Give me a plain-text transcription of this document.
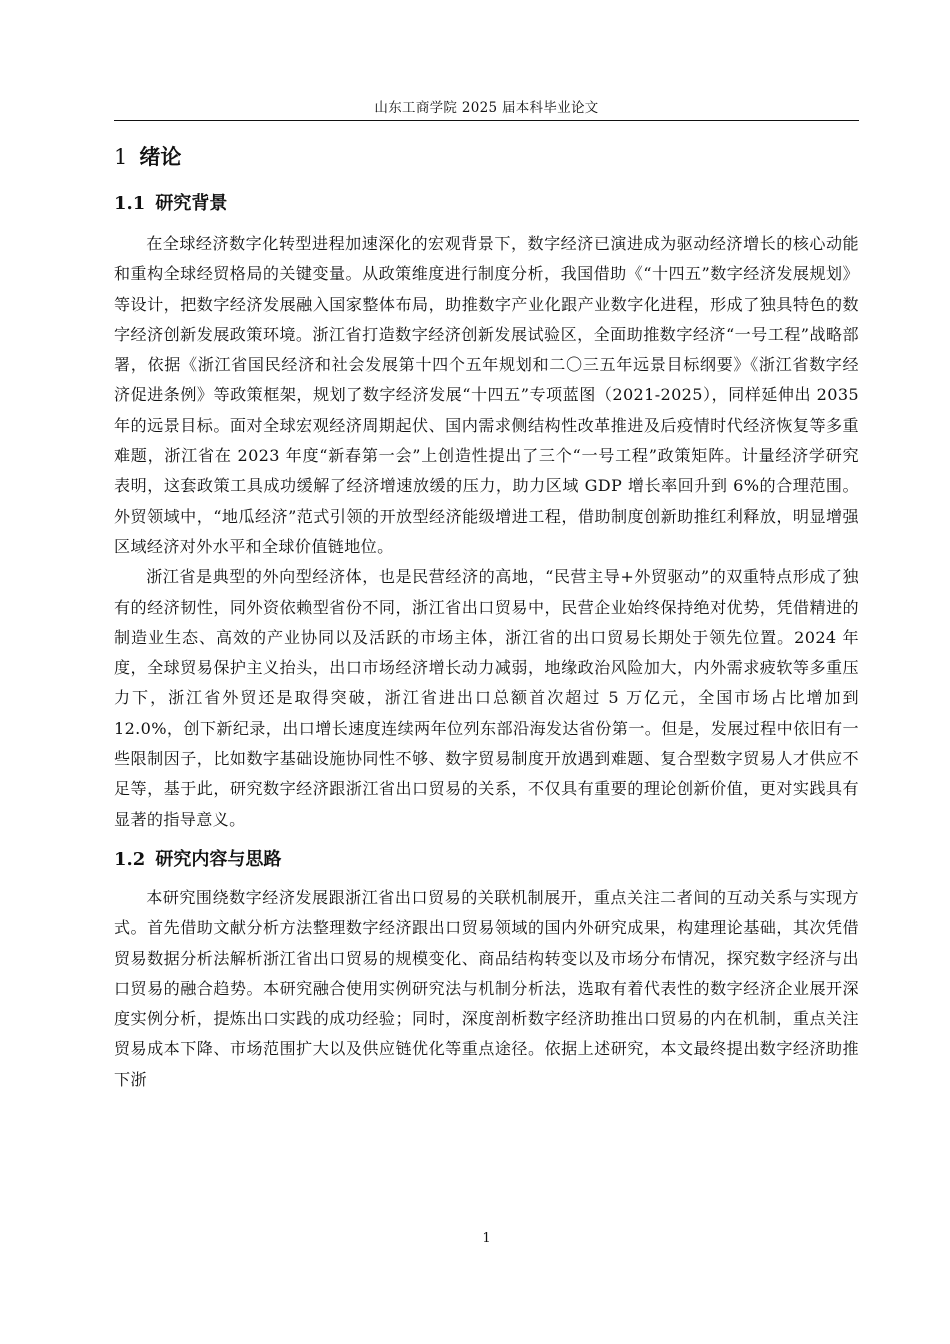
山东工商学院 2025 届本科毕业论文
1 绪论
1.1 研究背景

在全球经济数字化转型进程加速深化的宏观背景下，数字经济已演进成为驱动经济增长的核心动能和重构全球经贸格局的关键变量。从政策维度进行制度分析，我国借助《“十四五”数字经济发展规划》等设计，把数字经济发展融入国家整体布局，助推数字产业化跟产业数字化进程，形成了独具特色的数字经济创新发展政策环境。浙江省打造数字经济创新发展试验区，全面助推数字经济“一号工程”战略部署，依据《浙江省国民经济和社会发展第十四个五年规划和二〇三五年远景目标纲要》《浙江省数字经济促进条例》等政策框架，规划了数字经济发展“十四五”专项蓝图（2021-2025），同样延伸出 2035 年的远景目标。面对全球宏观经济周期起伏、国内需求侧结构性改革推进及后疫情时代经济恢复等多重难题，浙江省在 2023 年度“新春第一会”上创造性提出了三个“一号工程”政策矩阵。计量经济学研究表明，这套政策工具成功缓解了经济增速放缓的压力，助力区域 GDP 增长率回升到 6%的合理范围。外贸领域中，“地瓜经济”范式引领的开放型经济能级增进工程，借助制度创新助推红利释放，明显增强区域经济对外水平和全球价值链地位。

浙江省是典型的外向型经济体，也是民营经济的高地，“民营主导+外贸驱动”的双重特点形成了独有的经济韧性，同外资依赖型省份不同，浙江省出口贸易中，民营企业始终保持绝对优势，凭借精进的制造业生态、高效的产业协同以及活跃的市场主体，浙江省的出口贸易长期处于领先位置。2024 年度，全球贸易保护主义抬头，出口市场经济增长动力减弱，地缘政治风险加大，内外需求疲软等多重压力下，浙江省外贸还是取得突破，浙江省进出口总额首次超过 5 万亿元，全国市场占比增加到 12.0%，创下新纪录，出口增长速度连续两年位列东部沿海发达省份第一。但是，发展过程中依旧有一些限制因子，比如数字基础设施协同性不够、数字贸易制度开放遇到难题、复合型数字贸易人才供应不足等，基于此，研究数字经济跟浙江省出口贸易的关系，不仅具有重要的理论创新价值，更对实践具有显著的指导意义。

1.2 研究内容与思路

本研究围绕数字经济发展跟浙江省出口贸易的关联机制展开，重点关注二者间的互动关系与实现方式。首先借助文献分析方法整理数字经济跟出口贸易领域的国内外研究成果，构建理论基础，其次凭借贸易数据分析法解析浙江省出口贸易的规模变化、商品结构转变以及市场分布情况，探究数字经济与出口贸易的融合趋势。本研究融合使用实例研究法与机制分析法，选取有着代表性的数字经济企业展开深度实例分析，提炼出口实践的成功经验；同时，深度剖析数字经济助推出口贸易的内在机制，重点关注贸易成本下降、市场范围扩大以及供应链优化等重点途径。依据上述研究，本文最终提出数字经济助推下浙

1
